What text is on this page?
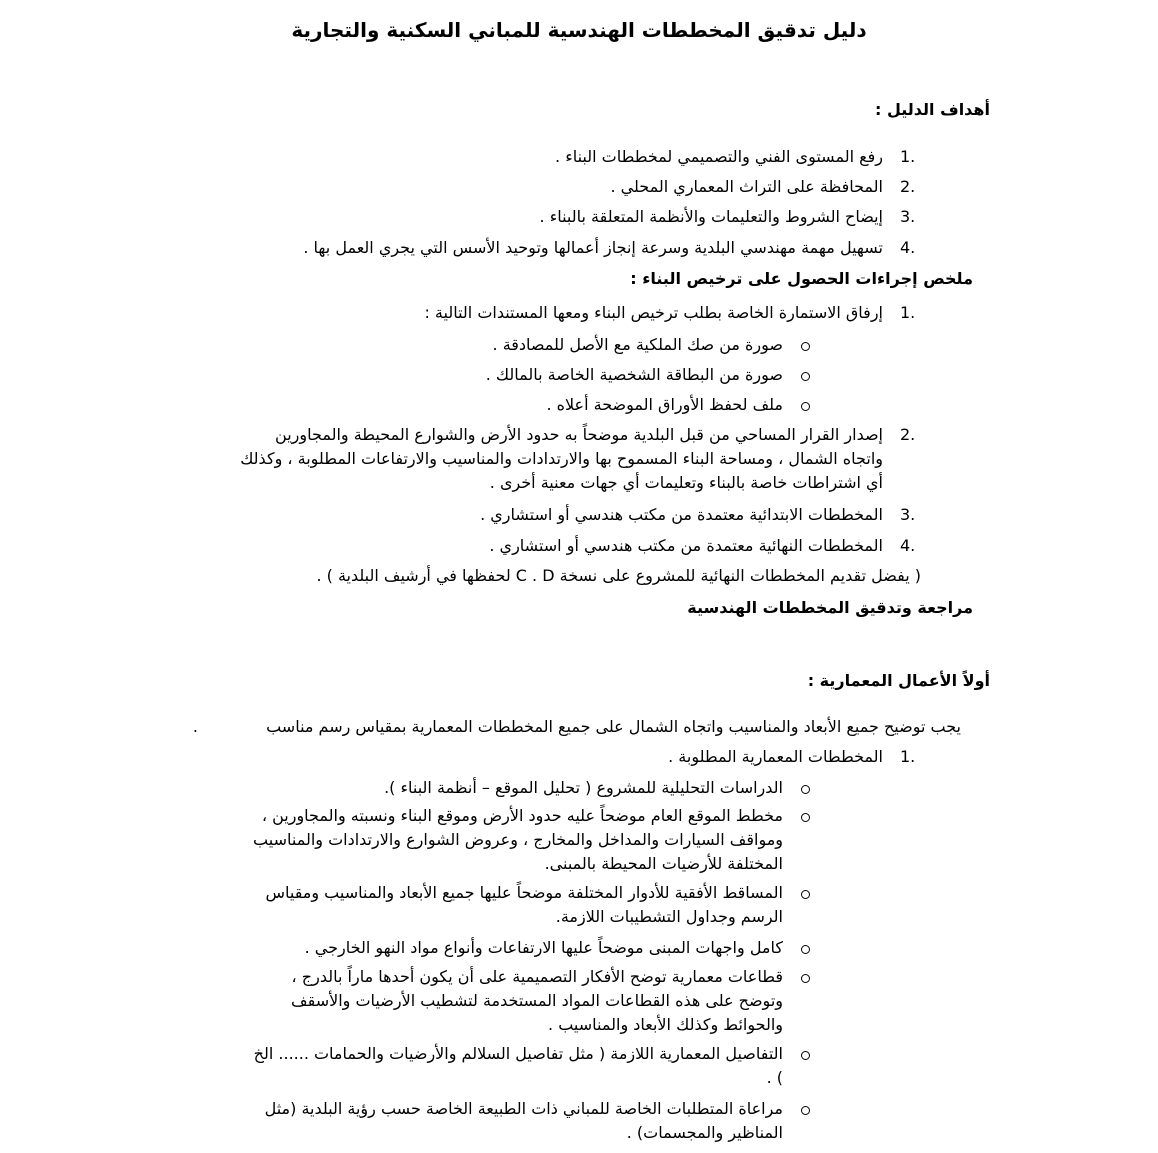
دليل تدقيق المخططات الهندسية للمباني السكنية والتجارية
أهداف الدليل :
1.
رفع المستوى الفني والتصميمي لمخططات البناء .
2.
المحافظة على التراث المعماري المحلي .
3.
إيضاح الشروط والتعليمات والأنظمة المتعلقة بالبناء .
4.
تسهيل مهمة مهندسي البلدية وسرعة إنجاز أعمالها وتوحيد الأسس التي يجري العمل بها .
ملخص إجراءات الحصول على ترخيص البناء :
1.
إرفاق الاستمارة الخاصة بطلب ترخيص البناء ومعها المستندات التالية :
صورة من صك الملكية مع الأصل للمصادقة .
صورة من البطاقة الشخصية الخاصة بالمالك .
ملف لحفظ الأوراق الموضحة أعلاه .
2.
إصدار القرار المساحي من قبل البلدية موضحاً به حدود الأرض والشوارع المحيطة والمجاورين
واتجاه الشمال ، ومساحة البناء المسموح بها والارتدادات والمناسيب والارتفاعات المطلوبة ، وكذلك
أي اشتراطات خاصة بالبناء وتعليمات أي جهات معنية أخرى .
3.
المخططات الابتدائية معتمدة من مكتب هندسي أو استشاري .
4.
المخططات النهائية معتمدة من مكتب هندسي أو استشاري .
( يفضل تقديم المخططات النهائية للمشروع على نسخة C . D لحفظها في أرشيف البلدية ) .
مراجعة وتدقيق المخططات الهندسية
أولاً الأعمال المعمارية :
يجب توضيح جميع الأبعاد والمناسيب واتجاه الشمال على جميع المخططات المعمارية بمقياس رسم مناسب
.
1.
المخططات المعمارية المطلوبة .
الدراسات التحليلية للمشروع ( تحليل الموقع – أنظمة البناء ).
مخطط الموقع العام موضحاً عليه حدود الأرض وموقع البناء ونسبته والمجاورين ،
ومواقف السيارات والمداخل والمخارج ، وعروض الشوارع والارتدادات والمناسيب
المختلفة للأرضيات المحيطة بالمبنى.
المساقط الأفقية للأدوار المختلفة موضحاً عليها جميع الأبعاد والمناسيب ومقياس
الرسم وجداول التشطيبات اللازمة.
كامل واجهات المبنى موضحاً عليها الارتفاعات وأنواع مواد النهو الخارجي .
قطاعات معمارية توضح الأفكار التصميمية على أن يكون أحدها ماراً بالدرج ،
وتوضح على هذه القطاعات المواد المستخدمة لتشطيب الأرضيات والأسقف
والحوائط وكذلك الأبعاد والمناسيب .
التفاصيل المعمارية اللازمة ( مثل تفاصيل السلالم والأرضيات والحمامات ...... الخ
) .
مراعاة المتطلبات الخاصة للمباني ذات الطبيعة الخاصة حسب رؤية البلدية (مثل
المناظير والمجسمات) .
